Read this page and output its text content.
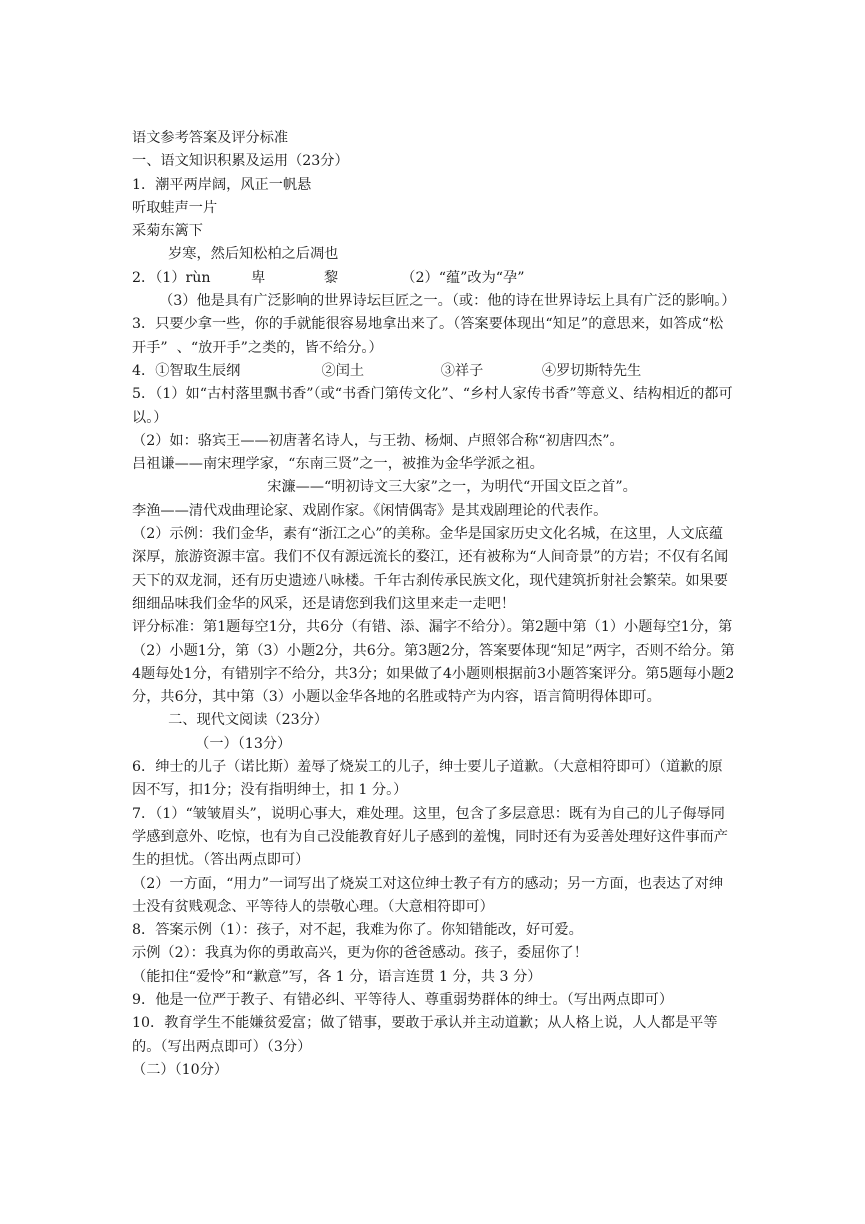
语文参考答案及评分标准

一、语文知识积累及运用（23分）

1．潮平两岸阔，风正一帆悬

听取蛙声一片

采菊东篱下

岁寒，然后知松柏之后凋也

2．（1）rùn         卑             黎              （2）“蕴”改为“孕”

（3）他是具有广泛影响的世界诗坛巨匠之一。（或：他的诗在世界诗坛上具有广泛的影响。）

3．只要少拿一些，你的手就能很容易地拿出来了。（答案要体现出“知足”的意思来，如答成“松开手”  、“放开手”之类的，皆不给分。）

4．①智取生辰纲                  ②闰土                 ③祥子             ④罗切斯特先生

5．（1）如“古村落里飘书香”（或“书香门第传文化”、“乡村人家传书香”等意义、结构相近的都可以。）

（2）如：骆宾王——初唐著名诗人，与王勃、杨炯、卢照邻合称“初唐四杰”。

吕祖谦——南宋理学家，“东南三贤”之一，被推为金华学派之祖。

宋濂——“明初诗文三大家”之一，为明代“开国文臣之首”。

李渔——清代戏曲理论家、戏剧作家。《闲情偶寄》是其戏剧理论的代表作。

（2）示例：我们金华，素有“浙江之心”的美称。金华是国家历史文化名城，在这里，人文底蕴深厚，旅游资源丰富。我们不仅有源远流长的婺江，还有被称为“人间奇景”的方岩；不仅有名闻天下的双龙洞，还有历史遗迹八咏楼。千年古刹传承民族文化，现代建筑折射社会繁荣。如果要细细品味我们金华的风采，还是请您到我们这里来走一走吧！

评分标准：第1题每空1分，共6分（有错、添、漏字不给分）。第2题中第（1）小题每空1分，第（2）小题1分，第（3）小题2分，共6分。第3题2分，答案要体现“知足”两字，否则不给分。第4题每处1分，有错别字不给分，共3分；如果做了4小题则根据前3小题答案评分。第5题每小题2分，共6分，其中第（3）小题以金华各地的名胜或特产为内容，语言简明得体即可。

二、现代文阅读（23分）

（一）（13分）

6．绅士的儿子（诺比斯）羞辱了烧炭工的儿子，绅士要儿子道歉。（大意相符即可）（道歉的原因不写，扣1分；没有指明绅士，扣 1 分。）

7．（1）“皱皱眉头”，说明心事大，难处理。这里，包含了多层意思：既有为自己的儿子侮辱同学感到意外、吃惊，也有为自己没能教育好儿子感到的羞愧，同时还有为妥善处理好这件事而产生的担忧。（答出两点即可）

（2）一方面，“用力”一词写出了烧炭工对这位绅士教子有方的感动；另一方面，也表达了对绅士没有贫贱观念、平等待人的崇敬心理。（大意相符即可）

8．答案示例（1）：孩子，对不起，我难为你了。你知错能改，好可爱。

示例（2）：我真为你的勇敢高兴，更为你的爸爸感动。孩子，委屈你了！

（能扣住“爱怜”和“歉意”写，各 1 分，语言连贯 1 分，共 3 分）

9．他是一位严于教子、有错必纠、平等待人、尊重弱势群体的绅士。（写出两点即可）

10．教育学生不能嫌贫爱富；做了错事，要敢于承认并主动道歉；从人格上说，人人都是平等的。（写出两点即可）（3分）

（二）（10分）
